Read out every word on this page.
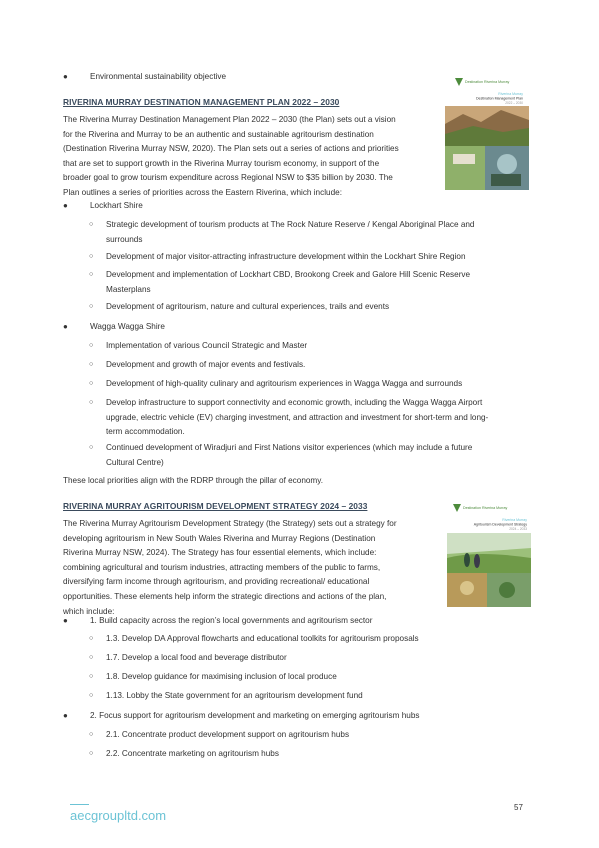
●	Environmental sustainability objective
RIVERINA MURRAY DESTINATION MANAGEMENT PLAN 2022 – 2030
The Riverina Murray Destination Management Plan 2022 – 2030 (the Plan) sets out a vision
for the Riverina and Murray to be an authentic and sustainable agritourism destination
(Destination Riverina Murray NSW, 2020). The Plan sets out a series of actions and priorities
that are set to support growth in the Riverina Murray tourism economy, in support of the
broader goal to grow tourism expenditure across Regional NSW to $35 billion by 2030. The
Plan outlines a series of priorities across the Eastern Riverina, which include:
Destination Riverina Murray
Riverina Murray
Destination Management Plan
2022 – 2030
●	Lockhart Shire
○ Strategic development of tourism products at The Rock Nature Reserve / Kengal Aboriginal Place and
surrounds
○ Development of major visitor-attracting infrastructure development within the Lockhart Shire Region
○ Development and implementation of Lockhart CBD, Brookong Creek and Galore Hill Scenic Reserve
Masterplans
○ Development of agritourism, nature and cultural experiences, trails and events
●	Wagga Wagga Shire
○ Implementation of various Council Strategic and Master
○ Development and growth of major events and festivals.
○ Development of high-quality culinary and agritourism experiences in Wagga Wagga and surrounds
○ Develop infrastructure to support connectivity and economic growth, including the Wagga Wagga Airport
upgrade, electric vehicle (EV) charging investment, and attraction and investment for short-term and long-
term accommodation.
○ Continued development of Wiradjuri and First Nations visitor experiences (which may include a future
Cultural Centre)
These local priorities align with the RDRP through the pillar of economy.
RIVERINA MURRAY AGRITOURISM DEVELOPMENT STRATEGY 2024 – 2033
The Riverina Murray Agritourism Development Strategy (the Strategy) sets out a strategy for
developing agritourism in New South Wales Riverina and Murray Regions (Destination
Riverina Murray NSW, 2024). The Strategy has four essential elements, which include:
combining agricultural and tourism industries, attracting members of the public to farms,
diversifying farm income through agritourism, and providing recreational/ educational
opportunities. These elements help inform the strategic directions and actions of the plan,
which include:
Destination Riverina Murray
Riverina Murray
Agritourism Development Strategy
2024 – 2033
●	1. Build capacity across the region’s local governments and agritourism sector
○ 1.3. Develop DA Approval flowcharts and educational toolkits for agritourism proposals
○ 1.7. Develop a local food and beverage distributor
○ 1.8. Develop guidance for maximising inclusion of local produce
○ 1.13. Lobby the State government for an agritourism development fund
●	2. Focus support for agritourism development and marketing on emerging agritourism hubs
○ 2.1. Concentrate product development support on agritourism hubs
○ 2.2. Concentrate marketing on agritourism hubs
aecgroupltd.com
57
